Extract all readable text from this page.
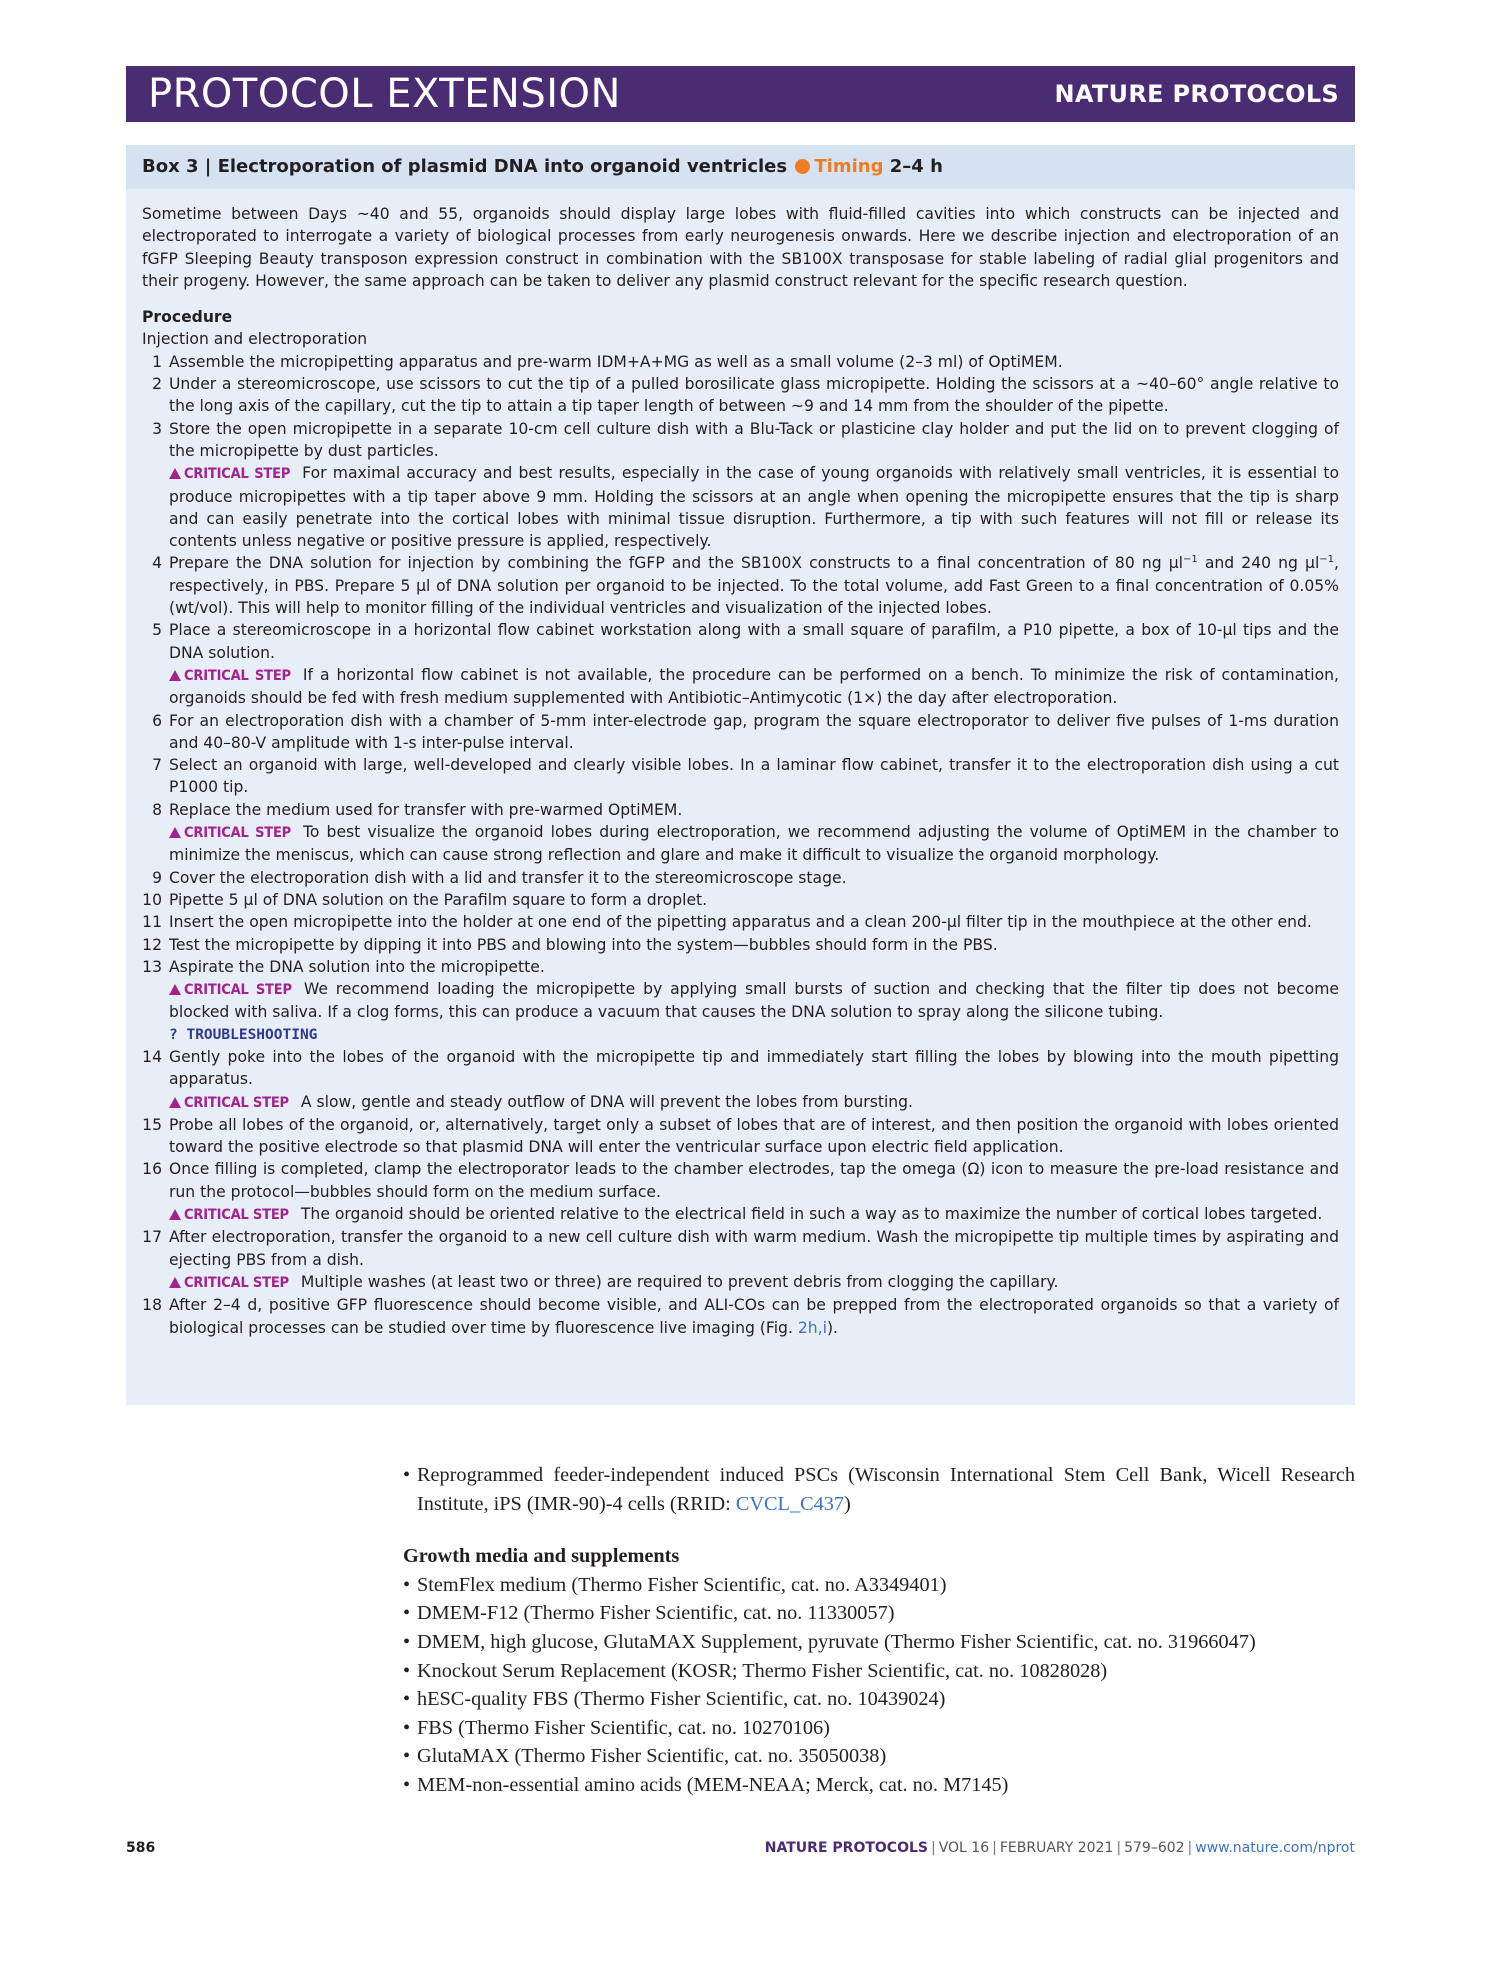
PROTOCOL EXTENSION	NATURE PROTOCOLS
Box 3 | Electroporation of plasmid DNA into organoid ventricles Timing 2–4 h

Sometime between Days ~40 and 55, organoids should display large lobes with fluid-filled cavities into which constructs can be injected and electroporated to interrogate a variety of biological processes from early neurogenesis onwards. Here we describe injection and electroporation of an fGFP Sleeping Beauty transposon expression construct in combination with the SB100X transposase for stable labeling of radial glial progenitors and their progeny. However, the same approach can be taken to deliver any plasmid construct relevant for the specific research question.

Procedure
Injection and electroporation
1 Assemble the micropipetting apparatus and pre-warm IDM+A+MG as well as a small volume (2–3 ml) of OptiMEM.
2 Under a stereomicroscope, use scissors to cut the tip of a pulled borosilicate glass micropipette. Holding the scissors at a ~40–60° angle relative to the long axis of the capillary, cut the tip to attain a tip taper length of between ~9 and 14 mm from the shoulder of the pipette.
3 Store the open micropipette in a separate 10-cm cell culture dish with a Blu-Tack or plasticine clay holder and put the lid on to prevent clogging of the micropipette by dust particles.
CRITICAL STEP For maximal accuracy and best results, especially in the case of young organoids with relatively small ventricles, it is essential to produce micropipettes with a tip taper above 9 mm. Holding the scissors at an angle when opening the micropipette ensures that the tip is sharp and can easily penetrate into the cortical lobes with minimal tissue disruption. Furthermore, a tip with such features will not fill or release its contents unless negative or positive pressure is applied, respectively.
4 Prepare the DNA solution for injection by combining the fGFP and the SB100X constructs to a final concentration of 80 ng µl$^{-1}$ and 240 ng µl$^{-1}$, respectively, in PBS. Prepare 5 µl of DNA solution per organoid to be injected. To the total volume, add Fast Green to a final concentration of 0.05% (wt/vol). This will help to monitor filling of the individual ventricles and visualization of the injected lobes.
5 Place a stereomicroscope in a horizontal flow cabinet workstation along with a small square of parafilm, a P10 pipette, a box of 10-µl tips and the DNA solution.
CRITICAL STEP If a horizontal flow cabinet is not available, the procedure can be performed on a bench. To minimize the risk of contamination, organoids should be fed with fresh medium supplemented with Antibiotic–Antimycotic (1×) the day after electroporation.
6 For an electroporation dish with a chamber of 5-mm inter-electrode gap, program the square electroporator to deliver five pulses of 1-ms duration and 40–80-V amplitude with 1-s inter-pulse interval.
7 Select an organoid with large, well-developed and clearly visible lobes. In a laminar flow cabinet, transfer it to the electroporation dish using a cut P1000 tip.
8 Replace the medium used for transfer with pre-warmed OptiMEM.
CRITICAL STEP To best visualize the organoid lobes during electroporation, we recommend adjusting the volume of OptiMEM in the chamber to minimize the meniscus, which can cause strong reflection and glare and make it difficult to visualize the organoid morphology.
9 Cover the electroporation dish with a lid and transfer it to the stereomicroscope stage.
10 Pipette 5 µl of DNA solution on the Parafilm square to form a droplet.
11 Insert the open micropipette into the holder at one end of the pipetting apparatus and a clean 200-µl filter tip in the mouthpiece at the other end.
12 Test the micropipette by dipping it into PBS and blowing into the system—bubbles should form in the PBS.
13 Aspirate the DNA solution into the micropipette.
CRITICAL STEP We recommend loading the micropipette by applying small bursts of suction and checking that the filter tip does not become blocked with saliva. If a clog forms, this can produce a vacuum that causes the DNA solution to spray along the silicone tubing.
? TROUBLESHOOTING
14 Gently poke into the lobes of the organoid with the micropipette tip and immediately start filling the lobes by blowing into the mouth pipetting apparatus.
CRITICAL STEP A slow, gentle and steady outflow of DNA will prevent the lobes from bursting.
15 Probe all lobes of the organoid, or, alternatively, target only a subset of lobes that are of interest, and then position the organoid with lobes oriented toward the positive electrode so that plasmid DNA will enter the ventricular surface upon electric field application.
16 Once filling is completed, clamp the electroporator leads to the chamber electrodes, tap the omega (Ω) icon to measure the pre-load resistance and run the protocol—bubbles should form on the medium surface.
CRITICAL STEP The organoid should be oriented relative to the electrical field in such a way as to maximize the number of cortical lobes targeted.
17 After electroporation, transfer the organoid to a new cell culture dish with warm medium. Wash the micropipette tip multiple times by aspirating and ejecting PBS from a dish.
CRITICAL STEP Multiple washes (at least two or three) are required to prevent debris from clogging the capillary.
18 After 2–4 d, positive GFP fluorescence should become visible, and ALI-COs can be prepped from the electroporated organoids so that a variety of biological processes can be studied over time by fluorescence live imaging (Fig. 2h,i).
• Reprogrammed feeder-independent induced PSCs (Wisconsin International Stem Cell Bank, Wicell Research Institute, iPS (IMR-90)-4 cells (RRID: CVCL_C437)
Growth media and supplements
• StemFlex medium (Thermo Fisher Scientific, cat. no. A3349401)
• DMEM-F12 (Thermo Fisher Scientific, cat. no. 11330057)
• DMEM, high glucose, GlutaMAX Supplement, pyruvate (Thermo Fisher Scientific, cat. no. 31966047)
• Knockout Serum Replacement (KOSR; Thermo Fisher Scientific, cat. no. 10828028)
• hESC-quality FBS (Thermo Fisher Scientific, cat. no. 10439024)
• FBS (Thermo Fisher Scientific, cat. no. 10270106)
• GlutaMAX (Thermo Fisher Scientific, cat. no. 35050038)
• MEM-non-essential amino acids (MEM-NEAA; Merck, cat. no. M7145)
586	NATURE PROTOCOLS | VOL 16 | FEBRUARY 2021 | 579–602 | www.nature.com/nprot
